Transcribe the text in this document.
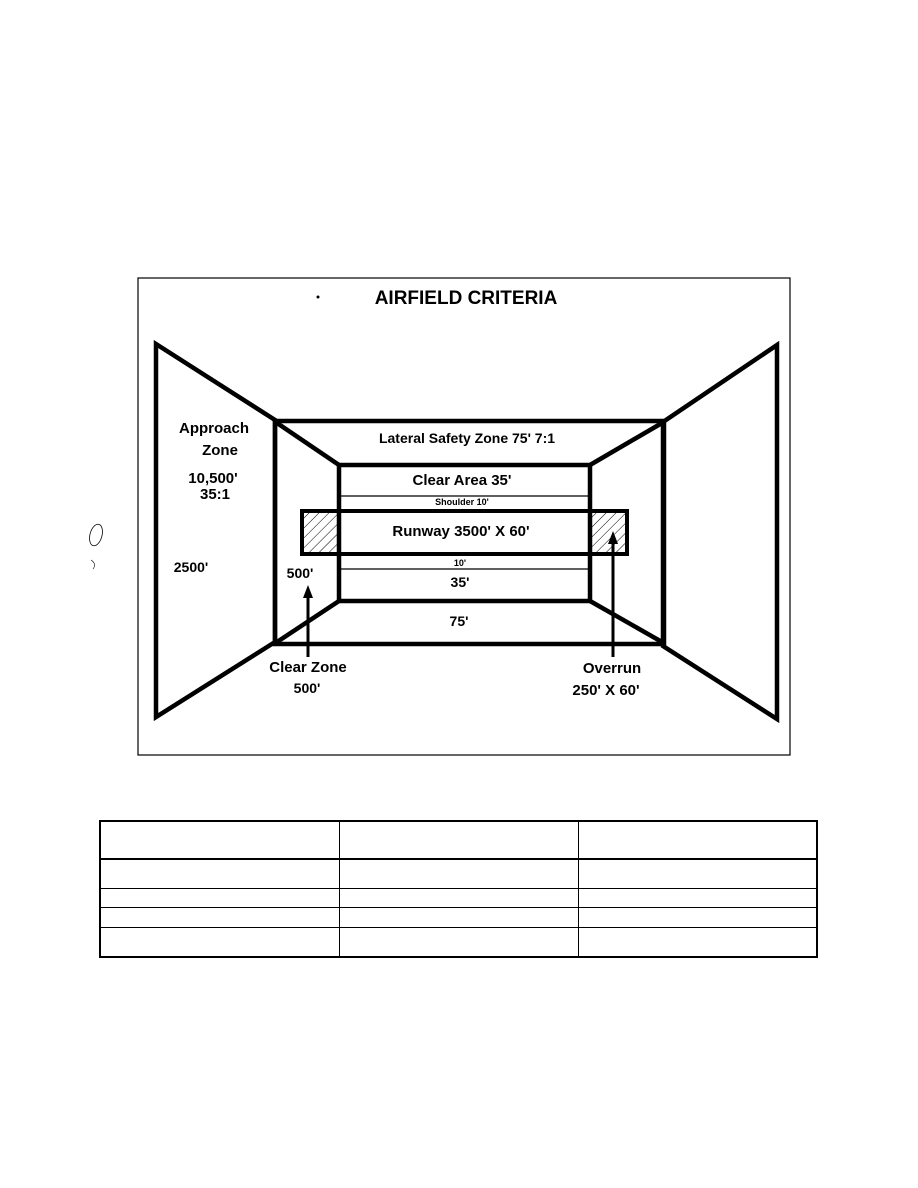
AIRFIELD CRITERIA
Approach
Zone
10,500'
35:1
2500'
Lateral Safety Zone 75' 7:1
Clear Area 35'
Shoulder 10'
Runway 3500' X 60'
10'
35'
75'
500'
Clear Zone
500'
Overrun
250' X 60'
